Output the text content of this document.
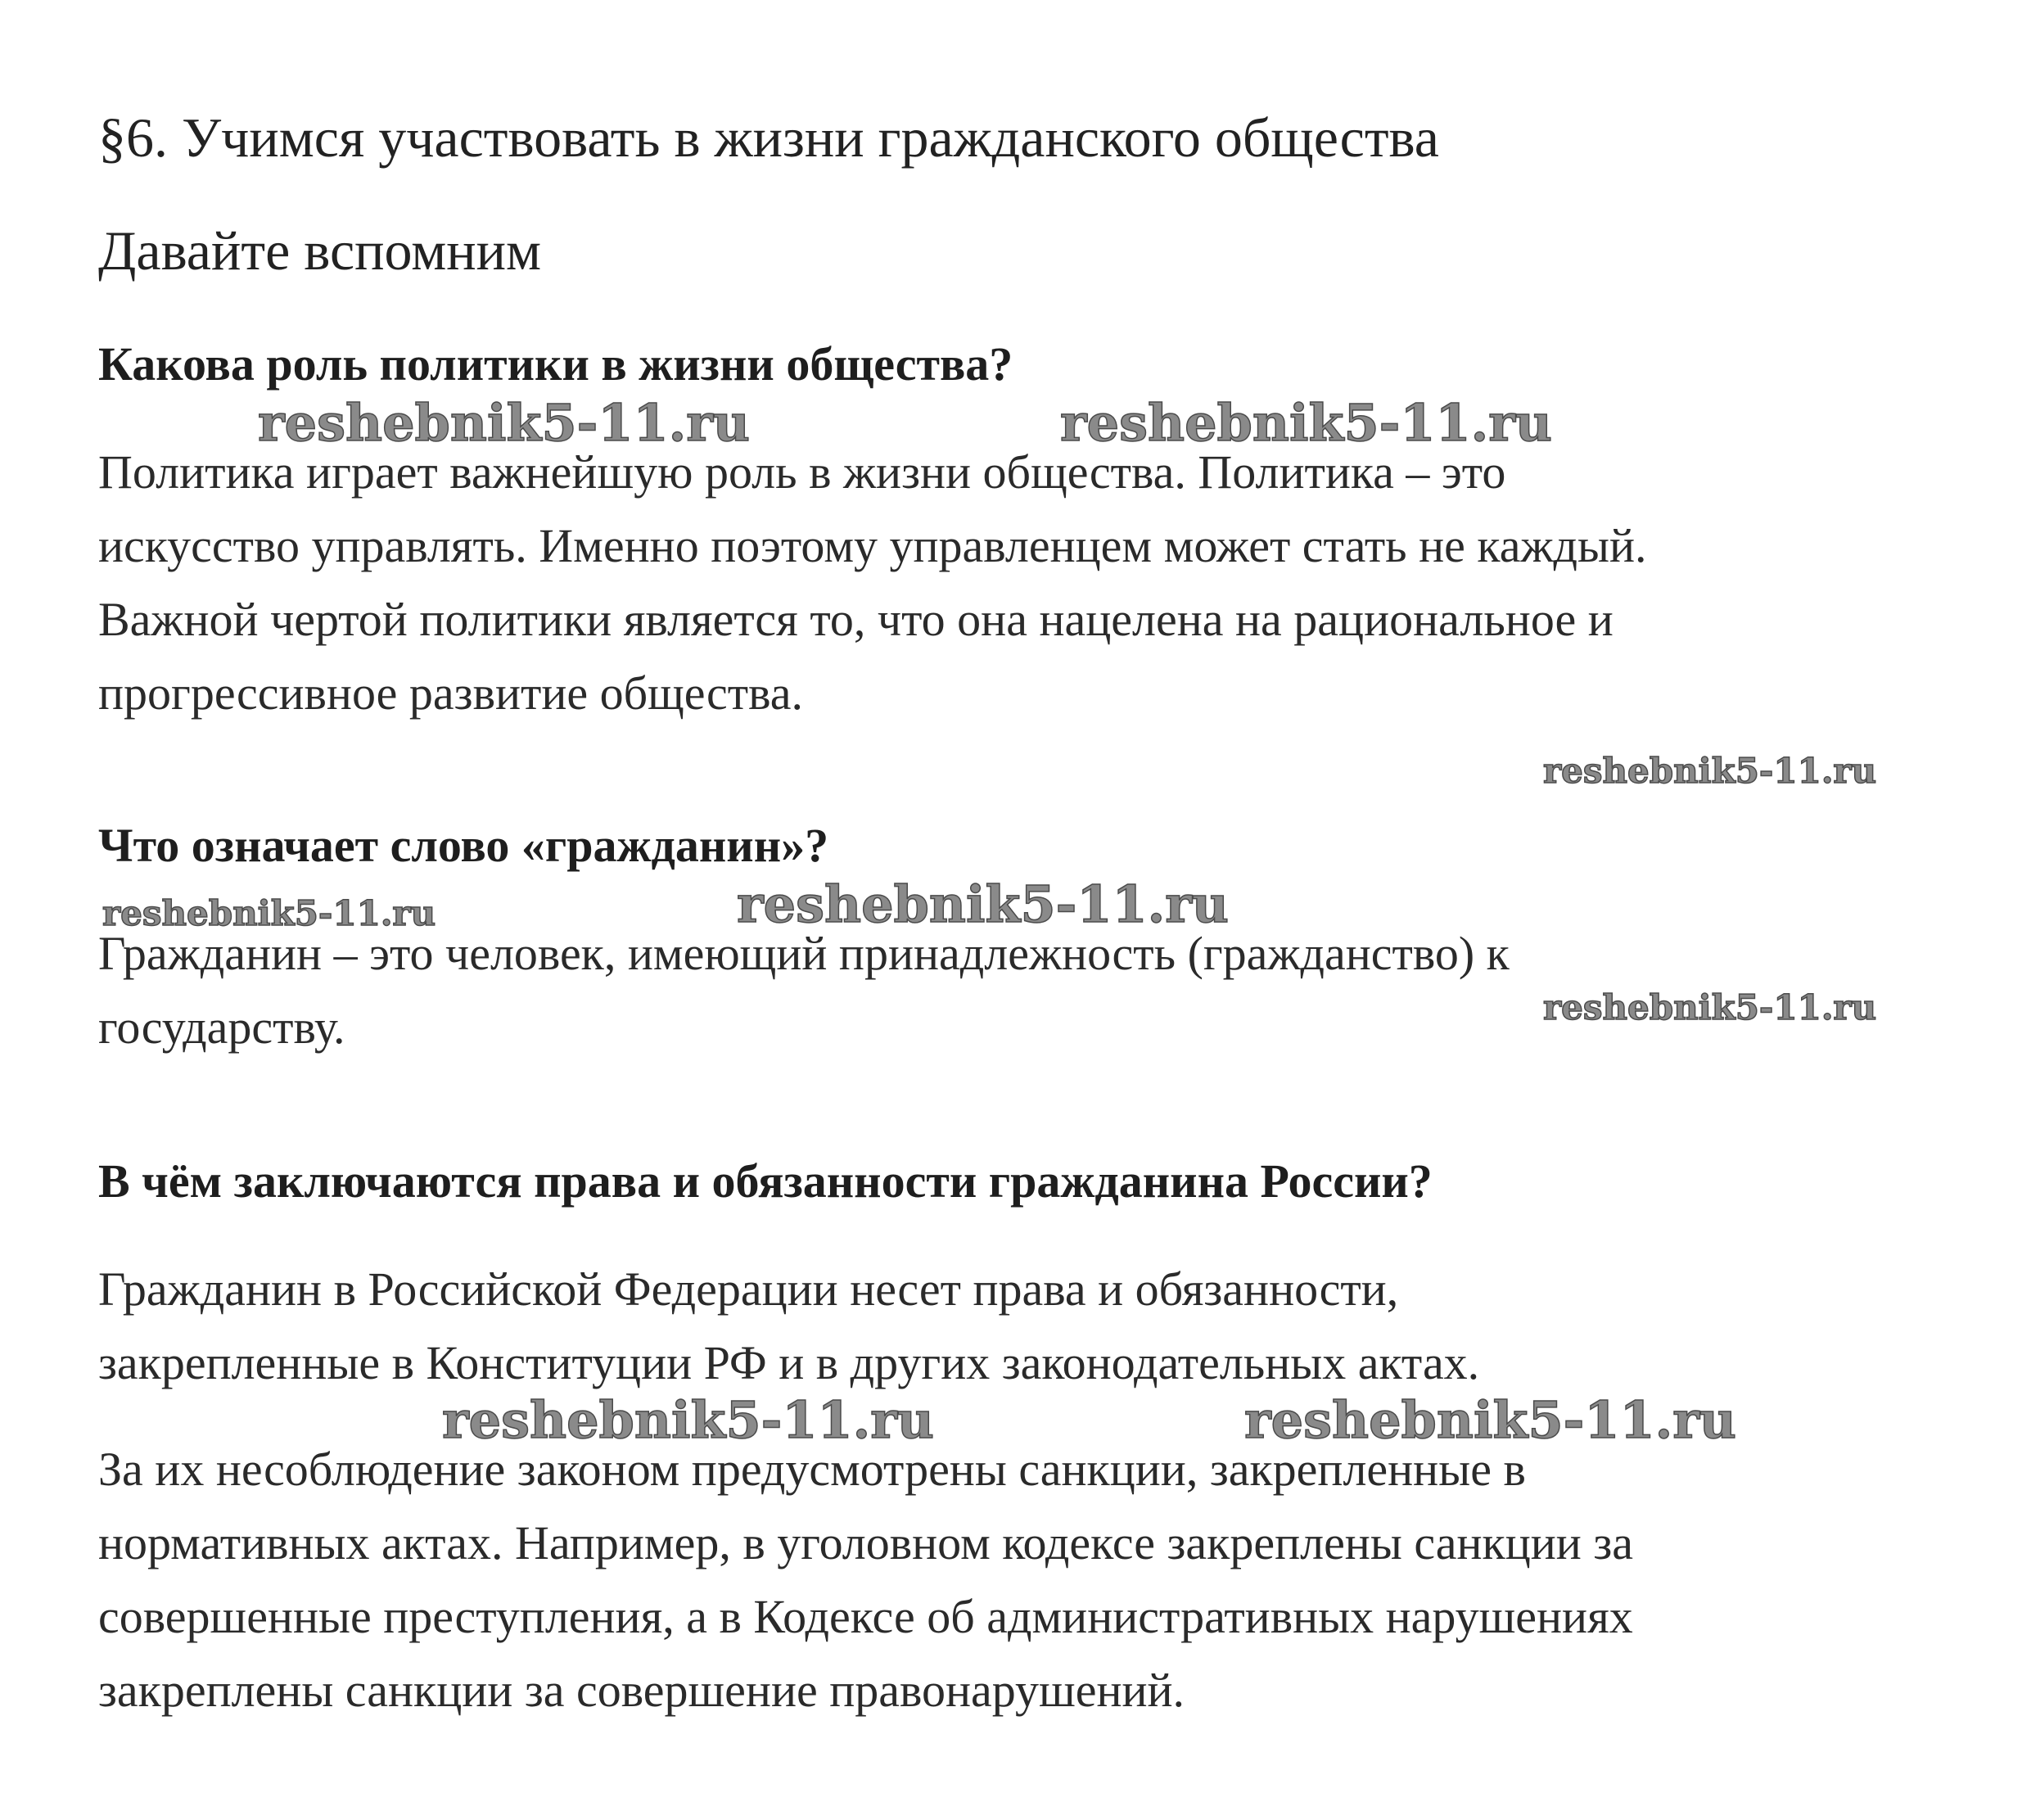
§6. Учимся участвовать в жизни гражданского общества
Давайте вспомним
Какова роль политики в жизни общества?
Политика играет важнейшую роль в жизни общества. Политика – это
искусство управлять. Именно поэтому управленцем может стать не каждый.
Важной чертой политики является то, что она нацелена на рациональное и
прогрессивное развитие общества.
Что означает слово «гражданин»?
Гражданин – это человек, имеющий принадлежность (гражданство) к
государству.
В чём заключаются права и обязанности гражданина России?
Гражданин в Российской Федерации несет права и обязанности,
закрепленные в Конституции РФ и в других законодательных актах.
За их несоблюдение законом предусмотрены санкции, закрепленные в
нормативных актах. Например, в уголовном кодексе закреплены санкции за
совершенные преступления, а в Кодексе об административных нарушениях
закреплены санкции за совершение правонарушений.
reshebnik5-11.ru	reshebnik5-11.ru
reshebnik5-11.ru
reshebnik5-11.ru	reshebnik5-11.ru
reshebnik5-11.ru
reshebnik5-11.ru	reshebnik5-11.ru
